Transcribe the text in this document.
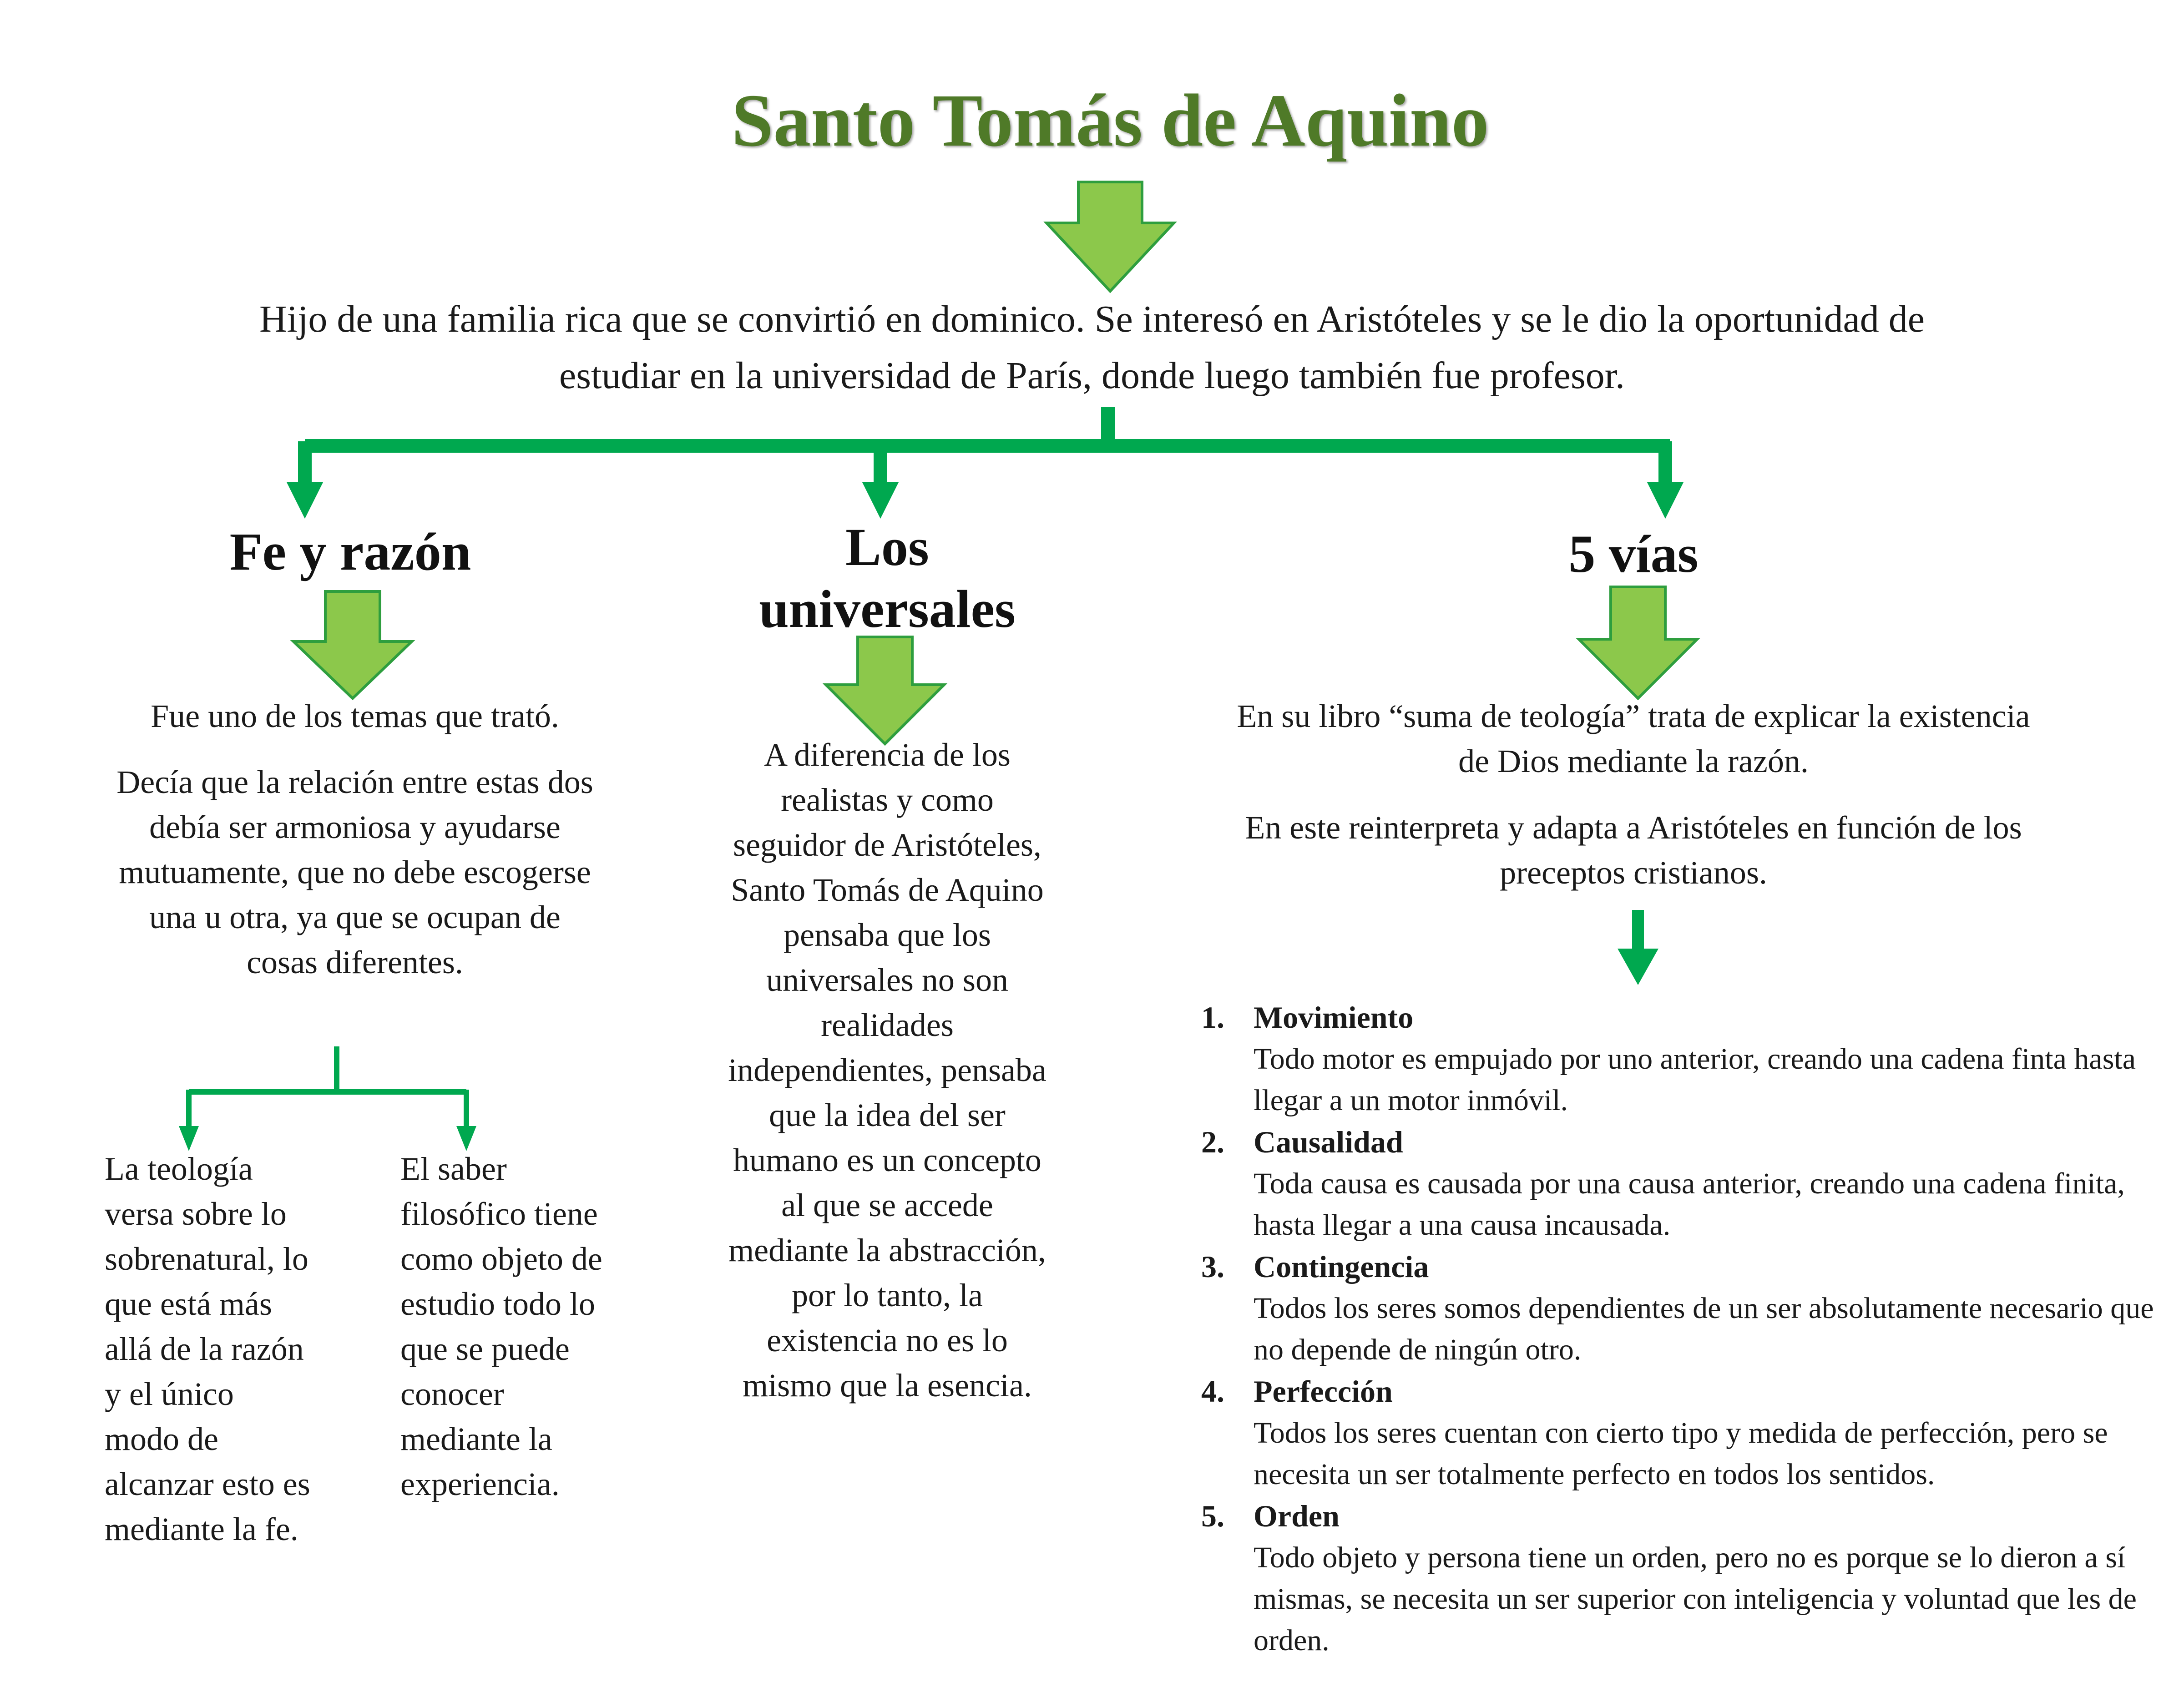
Santo Tomás de Aquino
Hijo de una familia rica que se convirtió en dominico. Se interesó en Aristóteles y se le dio la oportunidad de estudiar en la universidad de París, donde luego también fue profesor.
Fe y razón	Los universales
5 vías
Fue uno de los temas que trató.
Decía que la relación entre estas dos debía ser armoniosa y ayudarse mutuamente, que no debe escogerse una u otra, ya que se ocupan de cosas diferentes.
La teología versa sobre lo sobrenatural, lo que está más allá de la razón y el único modo de alcanzar esto es mediante la fe.
El saber filosófico tiene como objeto de estudio todo lo que se puede conocer mediante la experiencia.
A diferencia de los realistas y como seguidor de Aristóteles, Santo Tomás de Aquino pensaba que los universales no son realidades independientes, pensaba que la idea del ser humano es un concepto al que se accede mediante la abstracción, por lo tanto, la existencia no es lo mismo que la esencia.
En su libro “suma de teología” trata de explicar la existencia de Dios mediante la razón.
En este reinterpreta y adapta a Aristóteles en función de los preceptos cristianos.
1. Movimiento
Todo motor es empujado por uno anterior, creando una cadena finta hasta llegar a un motor inmóvil.
2. Causalidad
Toda causa es causada por una causa anterior, creando una cadena finita, hasta llegar a una causa incausada.
3. Contingencia
Todos los seres somos dependientes de un ser absolutamente necesario que no depende de ningún otro.
4. Perfección
Todos los seres cuentan con cierto tipo y medida de perfección, pero se necesita un ser totalmente perfecto en todos los sentidos.
5. Orden
Todo objeto y persona tiene un orden, pero no es porque se lo dieron a sí mismas, se necesita un ser superior con inteligencia y voluntad que les de orden.
